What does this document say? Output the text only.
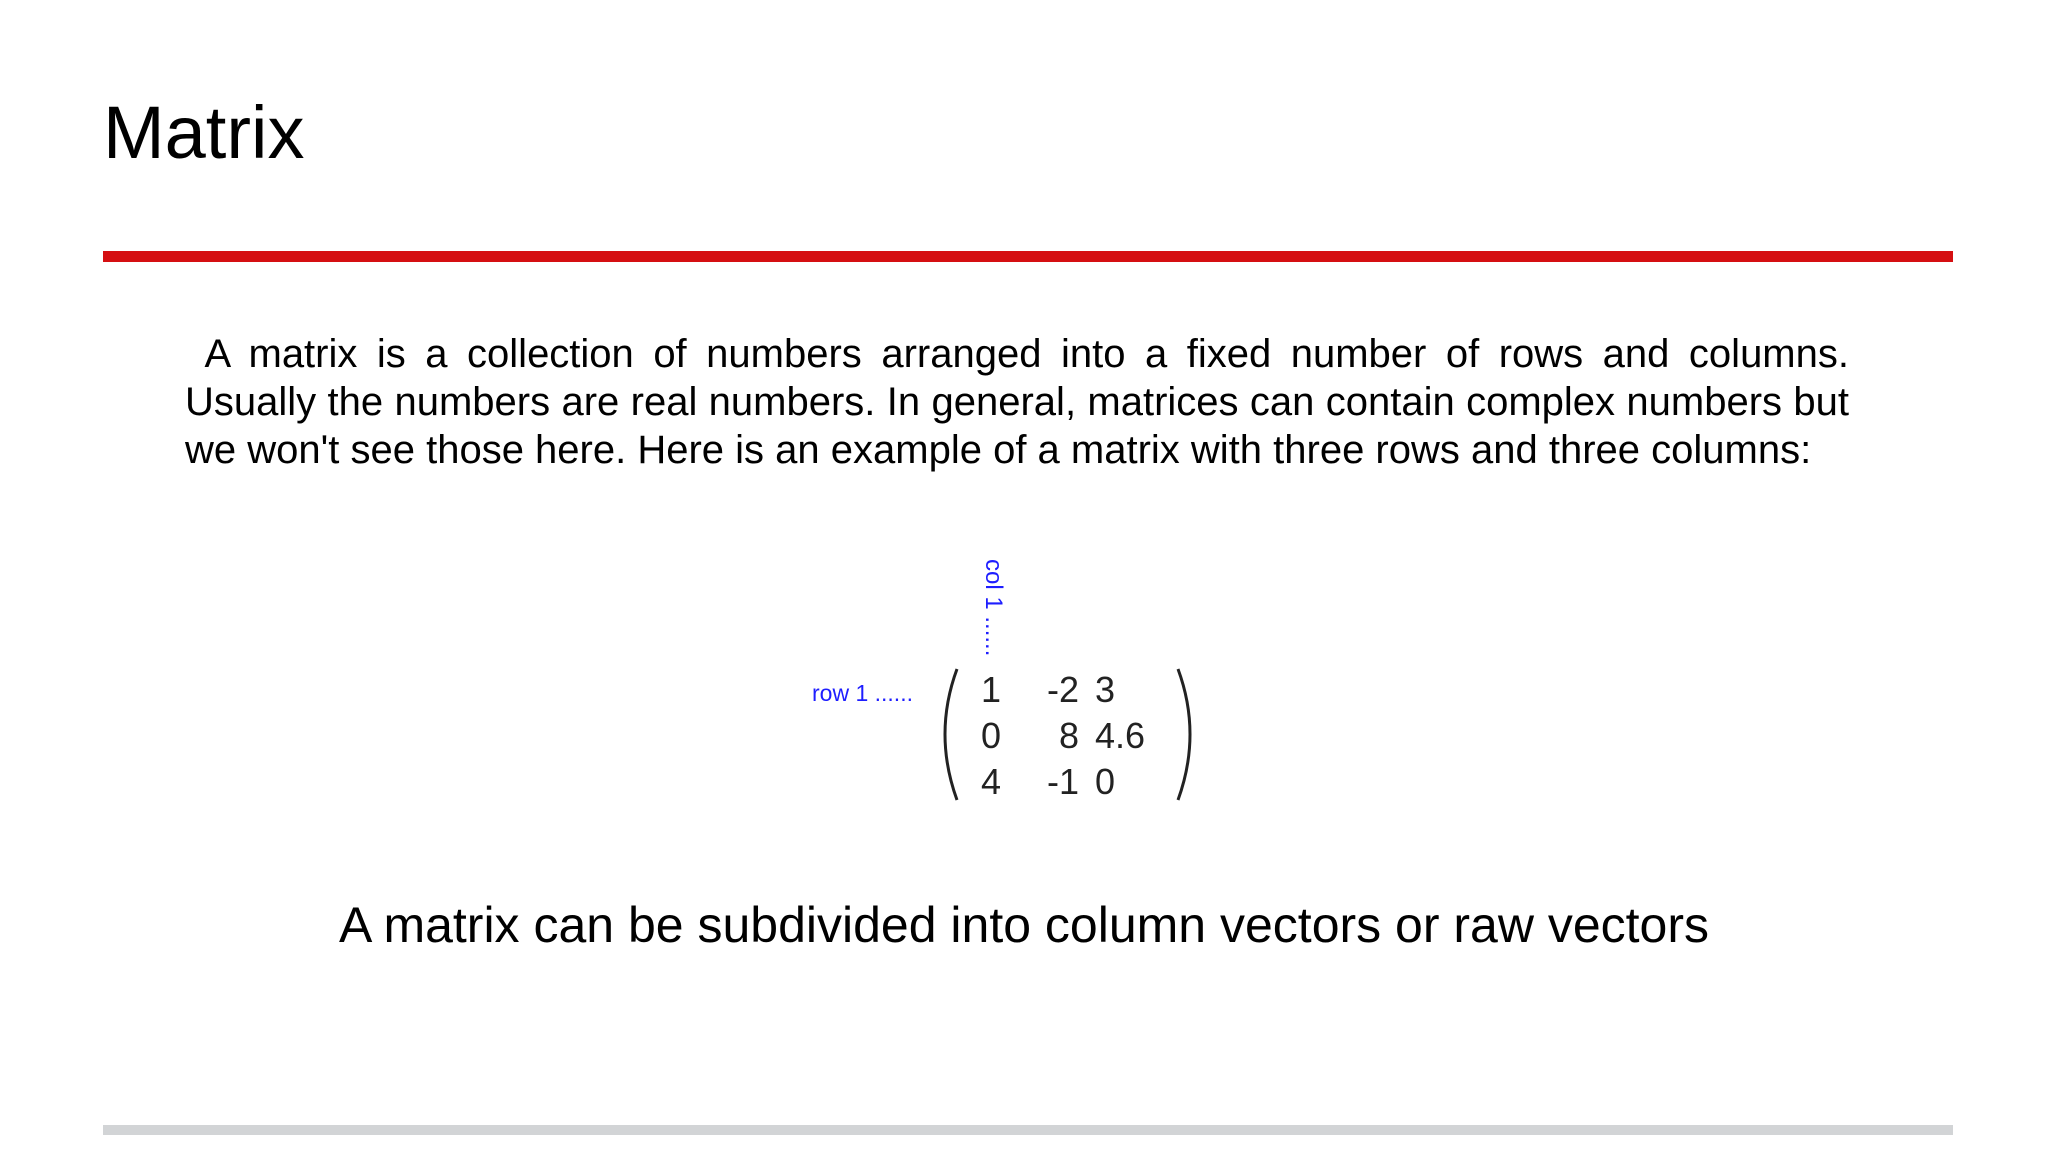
Matrix

A matrix is a collection of numbers arranged into a fixed number of rows and columns. Usually the numbers are real numbers. In general, matrices can contain complex numbers but we won't see those here. Here is an example of a matrix with three rows and three columns:

col 1 ......
row 1 ...... 1	-2 3
0	8 4.6
4	-1 0

A matrix can be subdivided into column vectors or raw vectors
